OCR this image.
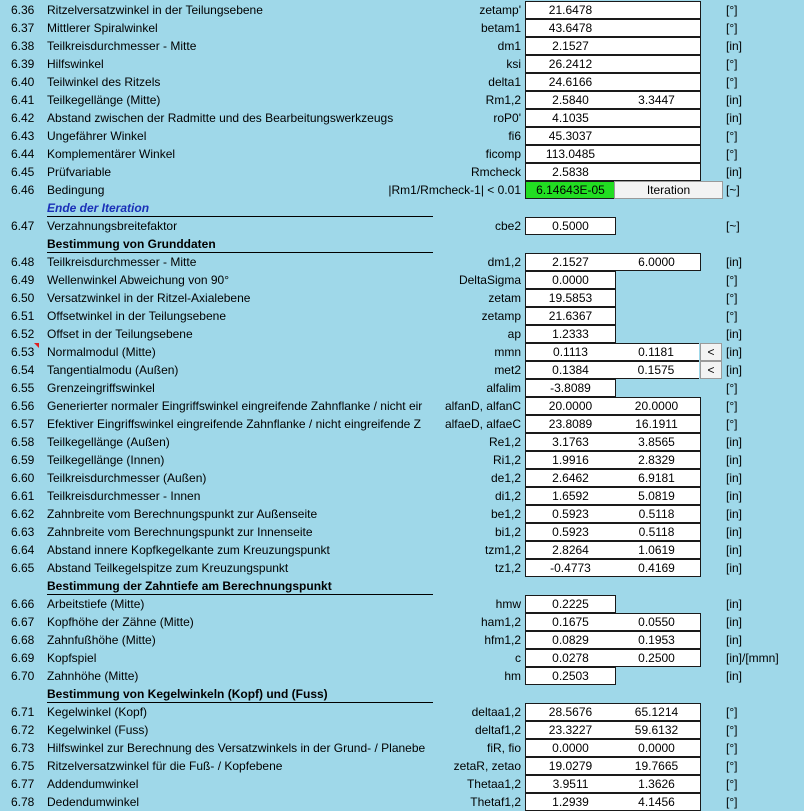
6.36 Ritzelversatzwinkel in der Teilungsebene	zetamp'	21.6478	[°]
6.37 Mittlerer Spiralwinkel	betam1	43.6478	[°]
6.38 Teilkreisdurchmesser - Mitte	dm1	2.1527	[in]
6.39 Hilfswinkel	ksi	26.2412	[°]
6.40 Teilwinkel des Ritzels	delta1	24.6166	[°]
6.41 Teilkegellänge (Mitte)	Rm1,2	2.5840	3.3447	[in]
6.42 Abstand zwischen der Radmitte und des Bearbeitungswerkzeugs	roP0'	4.1035	[in]
6.43 Ungefährer Winkel	fi6	45.3037	[°]
6.44 Komplementärer Winkel	ficomp	113.0485	[°]
6.45 Prüfvariable	Rmcheck	2.5838	[in]
6.46 Bedingung	|Rm1/Rmcheck-1| < 0.01	6.14643E-05	Iteration	[~]
Ende der Iteration
6.47 Verzahnungsbreitefaktor	cbe2	0.5000	[~]
Bestimmung von Grunddaten
6.48 Teilkreisdurchmesser - Mitte	dm1,2	2.1527	6.0000	[in]
6.49 Wellenwinkel Abweichung von 90°	DeltaSigma	0.0000	[°]
6.50 Versatzwinkel in der Ritzel-Axialebene	zetam	19.5853	[°]
6.51 Offsetwinkel in der Teilungsebene	zetamp	21.6367	[°]
6.52 Offset in der Teilungsebene	ap	1.2333	[in]
6.53 Normalmodul (Mitte)	mmn	0.1113	0.1181	< [in]
6.54 Tangentialmodu (Außen)	met2	0.1384	0.1575	< [in]
6.55 Grenzeingriffswinkel	alfalim	-3.8089	[°]
6.56 Generierter normaler Eingriffswinkel eingreifende Zahnflanke / nicht eir	alfanD, alfanC	20.0000	20.0000	[°]
6.57 Efektiver Eingriffswinkel eingreifende Zahnflanke / nicht eingreifende Z	alfaeD, alfaeC	23.8089	16.1911	[°]
6.58 Teilkegellänge (Außen)	Re1,2	3.1763	3.8565	[in]
6.59 Teilkegellänge (Innen)	Ri1,2	1.9916	2.8329	[in]
6.60 Teilkreisdurchmesser (Außen)	de1,2	2.6462	6.9181	[in]
6.61 Teilkreisdurchmesser - Innen	di1,2	1.6592	5.0819	[in]
6.62 Zahnbreite vom Berechnungspunkt zur Außenseite	be1,2	0.5923	0.5118	[in]
6.63 Zahnbreite vom Berechnungspunkt zur Innenseite	bi1,2	0.5923	0.5118	[in]
6.64 Abstand innere Kopfkegelkante zum Kreuzungspunkt	tzm1,2	2.8264	1.0619	[in]
6.65 Abstand Teilkegelspitze zum Kreuzungspunkt	tz1,2	-0.4773	0.4169	[in]
Bestimmung der Zahntiefe am Berechnungspunkt
6.66 Arbeitstiefe (Mitte)	hmw	0.2225	[in]
6.67 Kopfhöhe der Zähne (Mitte)	ham1,2	0.1675	0.0550	[in]
6.68 Zahnfußhöhe (Mitte)	hfm1,2	0.0829	0.1953	[in]
6.69 Kopfspiel	c	0.0278	0.2500	[in]/[mmn]
6.70 Zahnhöhe (Mitte)	hm	0.2503	[in]
Bestimmung von Kegelwinkeln (Kopf) und (Fuss)
6.71 Kegelwinkel (Kopf)	deltaa1,2	28.5676	65.1214	[°]
6.72 Kegelwinkel (Fuss)	deltaf1,2	23.3227	59.6132	[°]
6.73 Hilfswinkel zur Berechnung des Versatzwinkels in der Grund- / Planebe	fiR, fio	0.0000	0.0000	[°]
6.75 Ritzelversatzwinkel für die Fuß- / Kopfebene	zetaR, zetao	19.0279	19.7665	[°]
6.77 Addendumwinkel	Thetaa1,2	3.9511	1.3626	[°]
6.78 Dedendumwinkel	Thetaf1,2	1.2939	4.1456	[°]
